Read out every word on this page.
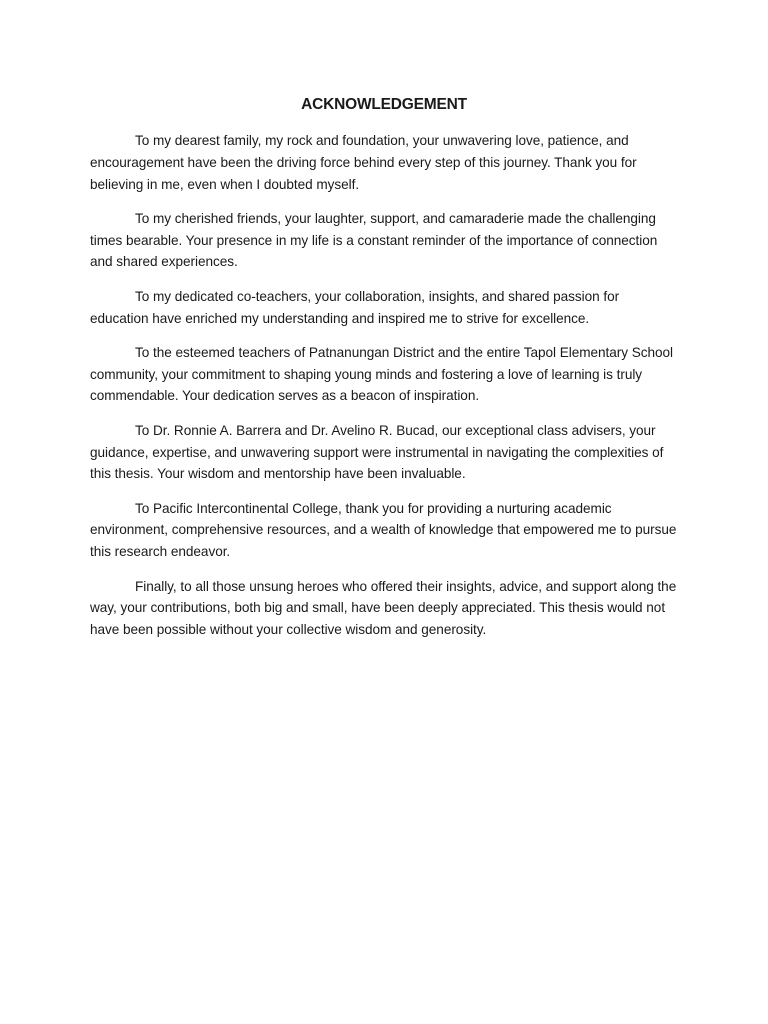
ACKNOWLEDGEMENT

To my dearest family, my rock and foundation, your unwavering love, patience, and encouragement have been the driving force behind every step of this journey. Thank you for believing in me, even when I doubted myself.

To my cherished friends, your laughter, support, and camaraderie made the challenging times bearable. Your presence in my life is a constant reminder of the importance of connection and shared experiences.

To my dedicated co-teachers, your collaboration, insights, and shared passion for education have enriched my understanding and inspired me to strive for excellence.

To the esteemed teachers of Patnanungan District and the entire Tapol Elementary School community, your commitment to shaping young minds and fostering a love of learning is truly commendable. Your dedication serves as a beacon of inspiration.

To Dr. Ronnie A. Barrera and Dr. Avelino R. Bucad, our exceptional class advisers, your guidance, expertise, and unwavering support were instrumental in navigating the complexities of this thesis. Your wisdom and mentorship have been invaluable.

To Pacific Intercontinental College, thank you for providing a nurturing academic environment, comprehensive resources, and a wealth of knowledge that empowered me to pursue this research endeavor.

Finally, to all those unsung heroes who offered their insights, advice, and support along the way, your contributions, both big and small, have been deeply appreciated. This thesis would not have been possible without your collective wisdom and generosity.
